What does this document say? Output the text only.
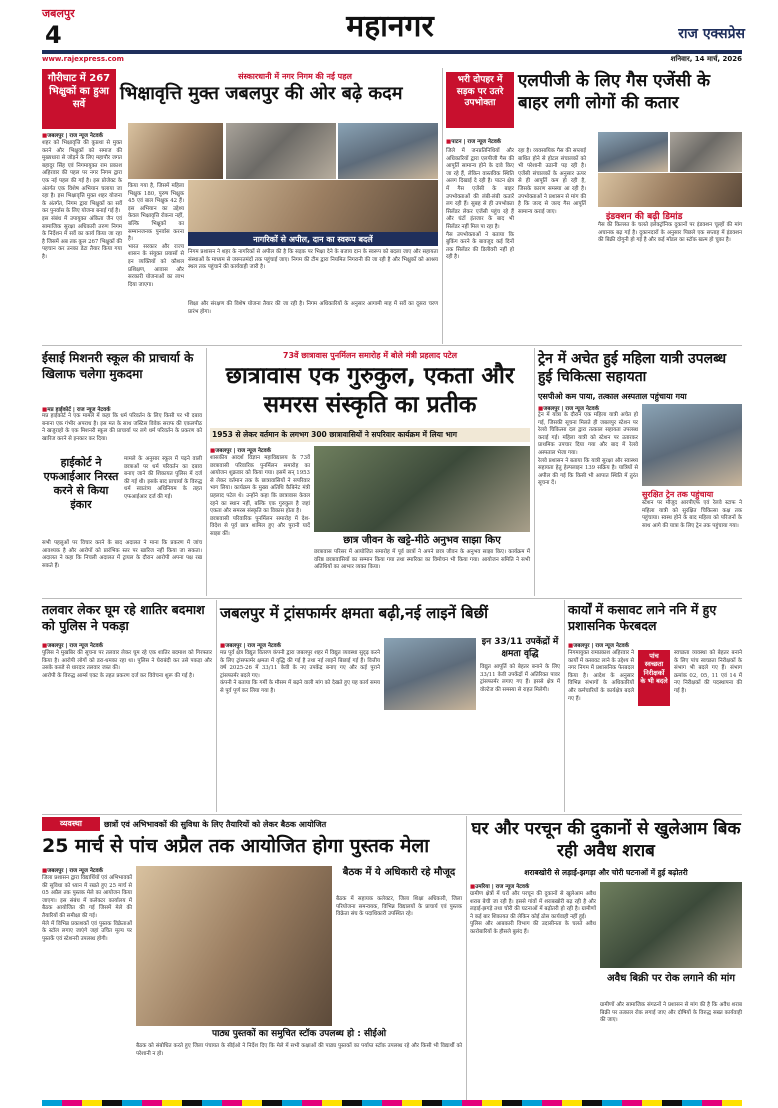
जबलपुर
4	महानगर	राज एक्सप्रेस
www.rajexpress.com	शनिवार, 14 मार्च, 2026
गौरीघाट में 267 भिक्षुकों का हुआ सर्वे
संस्कारधानी में नगर निगम की नई पहल
भिक्षावृत्ति मुक्त जबलपुर की ओर बढ़े कदम
■ जबलपुर | राज न्यूज नेटवर्क
शहर को भिक्षावृत्ति की कुप्रथा से मुक्त करने और भिक्षुकों को समाज की मुख्यधारा से जोड़ने के लिए महापौर जगत बहादुर सिंह एवं निगमायुक्त राम प्रकाश अहिरवार की पहल पर नगर निगम द्वारा एक नई पहल की गई है। इस प्रोजेक्ट के अंतर्गत एक विशेष अभियान चलाया जा रहा है। इस भिक्षावृत्ति मुक्त शहर योजना के अंतर्गत, निगम द्वारा भिक्षुकों का सर्वे कर पुनर्वास के लिए योजना बनाई गई है।
इस संबंध में उपायुक्त अंकिता जैन एवं सामाजिक सुरक्षा अधिकारी तरुण निगम के निर्देशन में सर्वे का कार्य किया जा रहा है जिसमें अब तक कुल 267 भिक्षुकों की पहचान कर उनका डेटा तैयार किया गया है।
किया गया है, जिसमें महिला भिक्षुक 180, पुरुष भिक्षुक 45 एवं बाल भिक्षुक 42 हैं। इस अभियान का उद्देश्य केवल भिक्षावृत्ति रोकना नहीं, बल्कि भिक्षुकों का सम्मानजनक पुनर्वास करना है।
भारत सरकार और राज्य शासन के संयुक्त प्रयासों से इन व्यक्तियों को कौशल प्रशिक्षण, आवास और सरकारी योजनाओं का लाभ दिया जाएगा।
नागरिकों से अपील, दान का स्वरूप बदलें
निगम प्रशासन ने शहर के नागरिकों से अपील की है कि सड़क पर भिक्षा देने के बजाय दान के स्वरूप को बदला जाए और सहायता संस्थाओं के माध्यम से जरूरतमंदों तक पहुंचाई जाए। निगम की टीम द्वारा नियमित निगरानी की जा रही है और भिक्षुकों को आश्रय स्थल तक पहुंचाने की कार्यवाही जारी है।
शिक्षा और संरक्षण की विशेष योजना तैयार की जा रही है। निगम अधिकारियों के अनुसार आगामी माह में सर्वे का दूसरा चरण प्रारंभ होगा।
भरी दोपहर में सड़क पर उतरे उपभोक्ता
एलपीजी के लिए गैस एजेंसी के बाहर लगी लोगों की कतार
■ पाटन | राज न्यूज नेटवर्क
जिले में जनप्रतिनिधियों और अधिकारियों द्वारा एलपीजी गैस की आपूर्ति सामान्य होने के दावे किए जा रहे हैं, लेकिन वास्तविक स्थिति अलग दिखाई दे रही है। पाटन क्षेत्र में गैस एजेंसी के बाहर उपभोक्ताओं की लंबी-लंबी कतारें लग रही हैं। सुबह से ही उपभोक्ता सिलेंडर लेकर एजेंसी पहुंच रहे हैं और घंटों इंतजार के बाद भी सिलेंडर नहीं मिल पा रहा है।
गैस उपभोक्ताओं ने बताया कि बुकिंग करने के बावजूद कई दिनों तक सिलेंडर की डिलीवरी नहीं हो रही है।
रहा है। व्यवसायिक गैस की सप्लाई बाधित होने से होटल संचालकों को भी परेशानी उठानी पड़ रही है। एजेंसी संचालकों के अनुसार ऊपर से ही आपूर्ति कम हो रही है, जिसके कारण समस्या आ रही है। उपभोक्ताओं ने प्रशासन से मांग की है कि जल्द से जल्द गैस आपूर्ति सामान्य कराई जाए।
इंडक्शन की बढ़ी डिमांड
गैस की किल्लत के चलते इलेक्ट्रॉनिक दुकानों पर इंडक्शन चूल्हों की मांग अचानक बढ़ गई है। दुकानदारों के अनुसार पिछले एक सप्ताह में इंडक्शन की बिक्री दोगुनी हो गई है और कई मॉडल का स्टॉक खत्म हो चुका है।
ईसाई मिशनरी स्कूल की प्राचार्या के खिलाफ चलेगा मुकदमा
■ मप्र हाईकोर्ट | राज न्यूज नेटवर्क
मप्र हाईकोर्ट ने एक मामले में कहा कि धर्म परिवर्तन के लिए किसी पर भी दबाव बनाना एक गंभीर अपराध है। इस मत के साथ जस्टिस विवेक सराफ की एकलपीठ ने खजुराहो के एक मिशनरी स्कूल की प्राचार्या पर लगे धर्म परिवर्तन के प्रकरण को खारिज करने से इनकार कर दिया।
हाईकोर्ट ने एफआईआर निरस्त करने से किया इंकार
मामले के अनुसार स्कूल में पढ़ने वाली छात्राओं पर धर्म परिवर्तन का दबाव बनाए जाने की शिकायत पुलिस में दर्ज की गई थी। इसके बाद प्राचार्या के विरुद्ध धर्म स्वातंत्र्य अधिनियम के तहत एफआईआर दर्ज की गई।
सभी पहलुओं पर विचार करने के बाद अदालत ने माना कि प्रकरण में जांच आवश्यक है और आरोपों को प्रारंभिक स्तर पर खारिज नहीं किया जा सकता। अदालत ने कहा कि निचली अदालत में ट्रायल के दौरान आरोपी अपना पक्ष रख सकते हैं।
73वें छात्रावास पुनर्मिलन समारोह में बोले मंत्री प्रहलाद पटेल
छात्रावास एक गुरुकुल, एकता और समरस संस्कृति का प्रतीक
1953 से लेकर वर्तमान के लगभग 300 छात्रावासियों ने सपरिवार कार्यक्रम में लिया भाग
■ जबलपुर | राज न्यूज नेटवर्क
शासकीय आदर्श विज्ञान महाविद्यालय के 73वें छात्रावासी परिवारिक पुनर्मिलन समारोह का आयोजन शुक्रवार को किया गया। इसमें सन् 1953 से लेकर वर्तमान तक के छात्रावासियों ने सपरिवार भाग लिया। कार्यक्रम के मुख्य अतिथि कैबिनेट मंत्री प्रहलाद पटेल थे। उन्होंने कहा कि छात्रावास केवल रहने का स्थान नहीं, बल्कि एक गुरुकुल है जहां एकता और समरस संस्कृति का विकास होता है।
छात्रावासी परिवारिक पुनर्मिलन समारोह में देश-विदेश से पूर्व छात्र शामिल हुए और पुरानी यादें साझा कीं।
छात्र जीवन के खट्टे-मीठे अनुभव साझा किए
छात्रावास परिसर में आयोजित समारोह में पूर्व छात्रों ने अपने छात्र जीवन के अनुभव साझा किए। कार्यक्रम में वरिष्ठ छात्रावासियों का सम्मान किया गया तथा स्मारिका का विमोचन भी किया गया। आयोजन समिति ने सभी अतिथियों का आभार व्यक्त किया।
ट्रेन में अचेत हुई महिला यात्री उपलब्ध हुई चिकित्सा सहायता
एसपीओ कम पाया, तत्काल अस्पताल पहुंचाया गया
■ जबलपुर | राज न्यूज नेटवर्क
ट्रेन में यात्रा के दौरान एक महिला यात्री अचेत हो गई, जिसकी सूचना मिलते ही जबलपुर स्टेशन पर रेलवे चिकित्सा दल द्वारा तत्काल सहायता उपलब्ध कराई गई। महिला यात्री को स्टेशन पर उतारकर प्राथमिक उपचार दिया गया और बाद में रेलवे अस्पताल भेजा गया।
रेलवे प्रशासन ने बताया कि यात्री सुरक्षा और स्वास्थ्य सहायता हेतु हेल्पलाइन 139 सक्रिय है। यात्रियों से अपील की गई कि किसी भी आपात स्थिति में तुरंत सूचना दें।
सुरक्षित ट्रेन तक पहुंचाया
स्टेशन पर मौजूद आरपीएफ एवं रेलवे स्टाफ ने महिला यात्री को सुरक्षित चिकित्सा कक्ष तक पहुंचाया। स्वस्थ होने के बाद महिला को परिजनों के साथ आगे की यात्रा के लिए ट्रेन तक पहुंचाया गया।
तलवार लेकर घूम रहे शातिर बदमाश को पुलिस ने पकड़ा
■ जबलपुर | राज न्यूज नेटवर्क
पुलिस ने मुखबिर की सूचना पर तलवार लेकर घूम रहे एक शातिर बदमाश को गिरफ्तार किया है। आरोपी लोगों को डरा-धमका रहा था। पुलिस ने घेराबंदी कर उसे पकड़ा और उसके कब्जे से धारदार तलवार जब्त की।
आरोपी के विरुद्ध आर्म्स एक्ट के तहत प्रकरण दर्ज कर विवेचना शुरू की गई है।
जबलपुर में ट्रांसफार्मर क्षमता बढ़ी,नई लाइनें बिछीं
■ जबलपुर | राज न्यूज नेटवर्क
मप्र पूर्व क्षेत्र विद्युत वितरण कंपनी द्वारा जबलपुर शहर में विद्युत व्यवस्था सुदृढ़ करने के लिए ट्रांसफार्मर क्षमता में वृद्धि की गई है तथा नई लाइनें बिछाई गई हैं। वित्तीय वर्ष 2025-26 में 33/11 केवी के नए उपकेंद्र बनाए गए और कई पुराने ट्रांसफार्मर बदले गए।
कंपनी ने बताया कि गर्मी के मौसम में बढ़ने वाली मांग को देखते हुए यह कार्य समय से पूर्व पूर्ण कर लिया गया है।
इन 33/11 उपकेंद्रों में क्षमता वृद्धि
विद्युत आपूर्ति को बेहतर बनाने के लिए 33/11 केवी उपकेंद्रों में अतिरिक्त पावर ट्रांसफार्मर लगाए गए हैं। इससे क्षेत्र में वोल्टेज की समस्या से राहत मिलेगी।
कार्यों में कसावट लाने ननि में हुए प्रशासनिक फेरबदल
■ जबलपुर | राज न्यूज नेटवर्क
निगमायुक्त रामप्रकाश अहिरवार ने कार्यों में कसावट लाने के उद्देश्य से नगर निगम में प्रशासनिक फेरबदल किया है। आदेश के अनुसार विभिन्न संभागों के अधिकारियों और कर्मचारियों के कार्यक्षेत्र बदले गए हैं।
पांच स्वच्छता निरीक्षकों के भी बदले
स्वच्छता व्यवस्था को बेहतर बनाने के लिए पांच स्वच्छता निरीक्षकों के संभाग भी बदले गए हैं। संभाग क्रमांक 02, 05, 11 एवं 14 में नए निरीक्षकों की पदस्थापना की गई है।
व्यवस्था	छात्रों एवं अभिभावकों की सुविधा के लिए तैयारियों को लेकर बैठक आयोजित
25 मार्च से पांच अप्रैल तक आयोजित होगा पुस्तक मेला
■ जबलपुर | राज न्यूज नेटवर्क
जिला प्रशासन द्वारा विद्यार्थियों एवं अभिभावकों की सुविधा को ध्यान में रखते हुए 25 मार्च से 05 अप्रैल तक पुस्तक मेले का आयोजन किया जाएगा। इस संबंध में कलेक्टर कार्यालय में बैठक आयोजित की गई जिसमें मेले की तैयारियों की समीक्षा की गई।
मेले में विभिन्न प्रकाशकों एवं पुस्तक विक्रेताओं के स्टॉल लगाए जाएंगे जहां उचित मूल्य पर पुस्तकें एवं स्टेशनरी उपलब्ध होगी।
बैठक में ये अधिकारी रहे मौजूद
बैठक में सहायक कलेक्टर, जिला शिक्षा अधिकारी, जिला परियोजना समन्वयक, विभिन्न विद्यालयों के प्राचार्य एवं पुस्तक विक्रेता संघ के पदाधिकारी उपस्थित रहे।
पाठ्य पुस्तकों का समुचित स्टॉक उपलब्ध हो : सीईओ
बैठक को संबोधित करते हुए जिला पंचायत के सीईओ ने निर्देश दिए कि मेले में सभी कक्षाओं की पाठ्य पुस्तकों का पर्याप्त स्टॉक उपलब्ध रहे और किसी भी विद्यार्थी को परेशानी न हो।
घर और परचून की दुकानों से खुलेआम बिक रही अवैध शराब
शराबखोरी से लड़ाई-झगड़ा और चोरी घटनाओं में हुई बढ़ोतरी
■ उमरिया | राज न्यूज नेटवर्क
ग्रामीण क्षेत्रों में घरों और परचून की दुकानों से खुलेआम अवैध शराब बेची जा रही है। इससे गांवों में शराबखोरी बढ़ रही है और लड़ाई-झगड़े तथा चोरी की घटनाओं में बढ़ोतरी हो रही है। ग्रामीणों ने कई बार शिकायत की लेकिन कोई ठोस कार्यवाही नहीं हुई।
पुलिस और आबकारी विभाग की उदासीनता के चलते अवैध कारोबारियों के हौसले बुलंद हैं।
अवैध बिक्री पर रोक लगाने की मांग
ग्रामीणों और सामाजिक संगठनों ने प्रशासन से मांग की है कि अवैध शराब बिक्री पर तत्काल रोक लगाई जाए और दोषियों के विरुद्ध सख्त कार्यवाही की जाए।
